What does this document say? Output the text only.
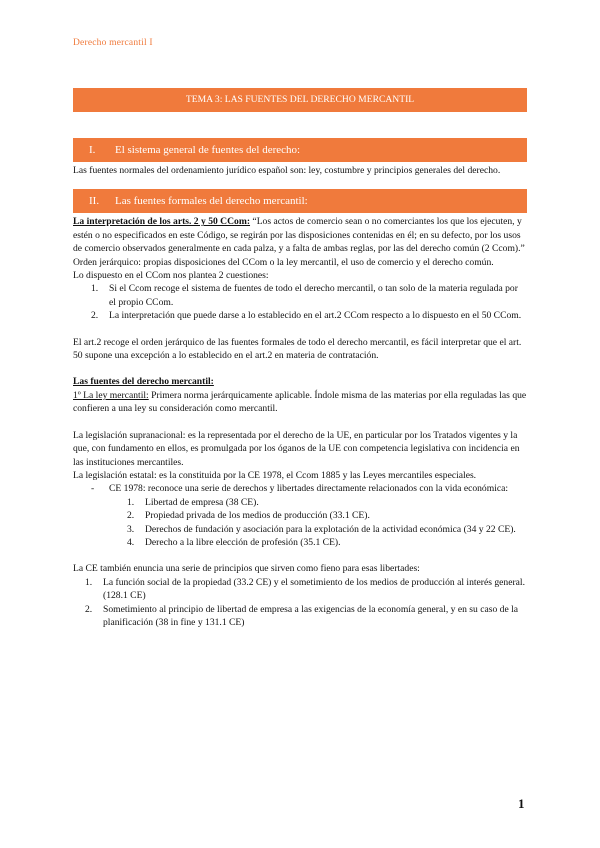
Derecho mercantil I
TEMA 3: LAS FUENTES DEL DERECHO MERCANTIL
I.	El sistema general de fuentes del derecho:

Las fuentes normales del ordenamiento jurídico español son: ley, costumbre y principios generales del derecho.

II.	Las fuentes formales del derecho mercantil:

La interpretación de los arts. 2 y 50 CCom: “Los actos de comercio sean o no comerciantes los que los ejecuten, y estén o no especificados en este Código, se regirán por las disposiciones contenidas en él; en su defecto, por los usos de comercio observados generalmente en cada palza, y a falta de ambas reglas, por las del derecho común (2 Ccom).”

Orden jerárquico: propias disposiciones del CCom o la ley mercantil, el uso de comercio y el derecho común.

Lo dispuesto en el CCom nos plantea 2 cuestiones:

1.	Si el Ccom recoge el sistema de fuentes de todo el derecho mercantil, o tan solo de la materia regulada por el propio CCom.
2.	La interpretación que puede darse a lo establecido en el art.2 CCom respecto a lo dispuesto en el 50 CCom.

El art.2 recoge el orden jerárquico de las fuentes formales de todo el derecho mercantil, es fácil interpretar que el art. 50 supone una excepción a lo establecido en el art.2 en materia de contratación.

Las fuentes del derecho mercantil:

1º La ley mercantil: Primera norma jerárquicamente aplicable. Índole misma de las materias por ella reguladas las que confieren a una ley su consideración como mercantil.

La legislación supranacional: es la representada por el derecho de la UE, en particular por los Tratados vigentes y la que, con fundamento en ellos, es promulgada por los óganos de la UE con competencia legislativa con incidencia en las instituciones mercantiles.

La legislación estatal: es la constituida por la CE 1978, el Ccom 1885 y las Leyes mercantiles especiales.

-	CE 1978: reconoce una serie de derechos y libertades directamente relacionados con la vida económica:
1.	Libertad de empresa (38 CE).
2.	Propiedad privada de los medios de producción (33.1 CE).
3.	Derechos de fundación y asociación para la explotación de la actividad económica (34 y 22 CE).
4.	Derecho a la libre elección de profesión (35.1 CE).

La CE también enuncia una serie de principios que sirven como fieno para esas libertades:

1.	La función social de la propiedad (33.2 CE) y el sometimiento de los medios de producción al interés general. (128.1 CE)
2.	Sometimiento al principio de libertad de empresa a las exigencias de la economía general, y en su caso de la planificación (38 in fine y 131.1 CE)
1
